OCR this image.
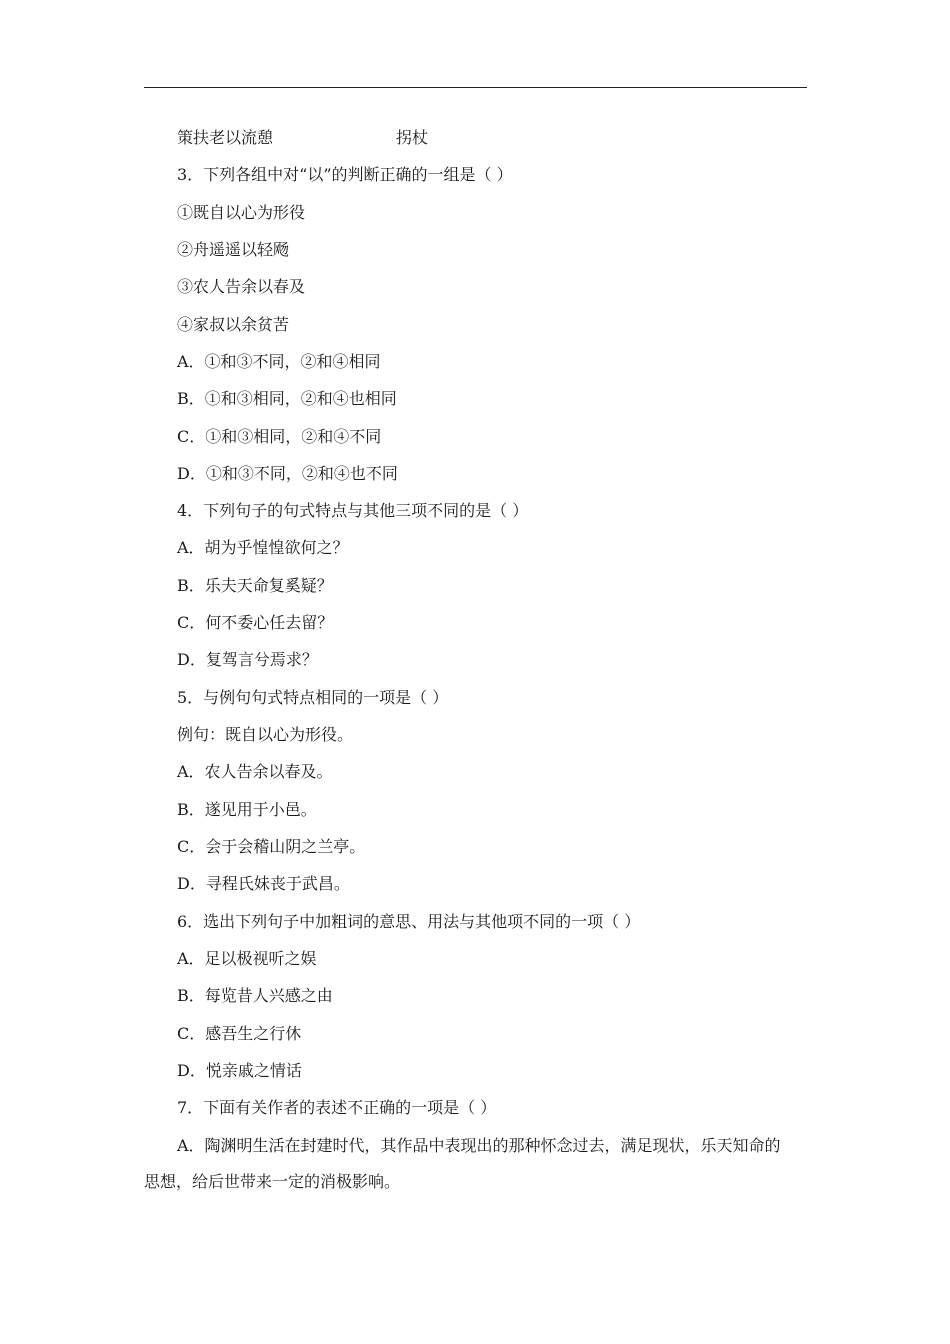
策扶老以流憩	拐杖
3．下列各组中对“以”的判断正确的一组是（ ）
①既自以心为形役
②舟遥遥以轻飏
③农人告余以春及
④家叔以余贫苦
A．①和③不同，②和④相同
B．①和③相同，②和④也相同
C．①和③相同，②和④不同
D．①和③不同，②和④也不同
4．下列句子的句式特点与其他三项不同的是（ ）
A．胡为乎惶惶欲何之？
B．乐夫天命复奚疑？
C．何不委心任去留？
D．复驾言兮焉求？
5．与例句句式特点相同的一项是（ ）
例句：既自以心为形役。
A．农人告余以春及。
B．遂见用于小邑。
C．会于会稽山阴之兰亭。
D．寻程氏妹丧于武昌。
6．选出下列句子中加粗词的意思、用法与其他项不同的一项（ ）
A．足以极视听之娱
B．每览昔人兴感之由
C．感吾生之行休
D．悦亲戚之情话
7．下面有关作者的表述不正确的一项是（ ）
A．陶渊明生活在封建时代，其作品中表现出的那种怀念过去，满足现状，乐天知命的
思想，给后世带来一定的消极影响。
